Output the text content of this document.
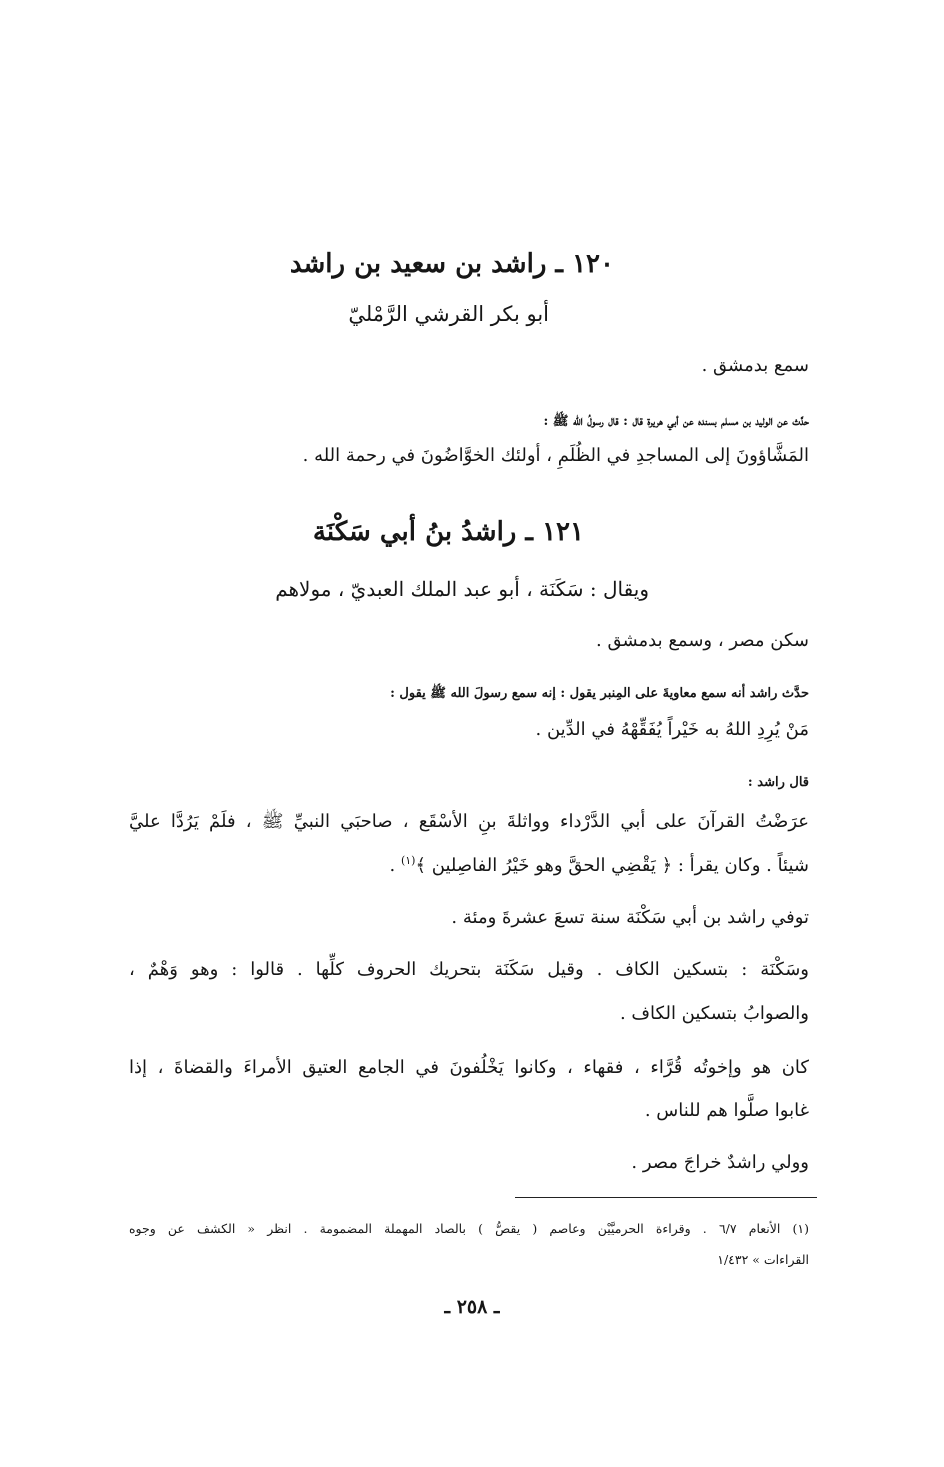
١٢٠ ـ راشد بن سعيد بن راشد
أبو بكر القرشي الرَّمْليّ
سمع بدمشق .
حدَّث عن الوليد بن مسلم بسنده عن أبي هريرة قال : قال رسولُ الله ﷺ :
المَشَّاؤونَ إلى المساجدِ في الظُلَمِ ، أولئك الخوَّاضُونَ في رحمة الله .
١٢١ ـ راشدُ بنُ أبي سَكْنَة
ويقال : سَكَنَة ، أبو عبد الملك العبديّ ، مولاهم
سكن مصر ، وسمع بدمشق .
حدَّث راشد أنه سمع معاويةَ على المِنبر يقول : إنه سمع رسولَ الله ﷺ يقول :
مَنْ يُرِدِ اللهُ به خَيْراً يُفَقِّهْهُ في الدِّين .
قال راشد :
عرَضْتُ القرآنَ على أبي الدَّرْداء وواثلةَ بنِ الأسْقَع ، صاحبَي النبيِّ ﷺ ، فلَمْ يَرُدَّا عليَّ
شيئاً . وكان يقرأ : ﴿ يَقْضِي الحقَّ وهو خَيْرُ الفاصِلين ﴾$^{(١)}$ .
توفي راشد بن أبي سَكْنَة سنة تسعَ عشرةَ ومئة .
وسَكْنَة : بتسكين الكاف . وقيل سَكَنَة بتحريك الحروف كلِّها . قالوا : وهو وَهْمٌ ،
والصوابُ بتسكين الكاف .
كان هو وإخوتُه قُرَّاء ، فقهاء ، وكانوا يَخْلُفونَ في الجامع العتيق الأمراءَ والقضاةَ ، إذا
غابوا صلَّوا هم للناس .
وولي راشدٌ خراجَ مصر .
(١) الأنعام ٦/٧ . وقراءة الحرميَّيْن وعاصم ( يقصُّ ) بالصاد المهملة المضمومة . انظر « الكشف عن وجوه
القراءات » ١/٤٣٢
ـ ٢٥٨ ـ
